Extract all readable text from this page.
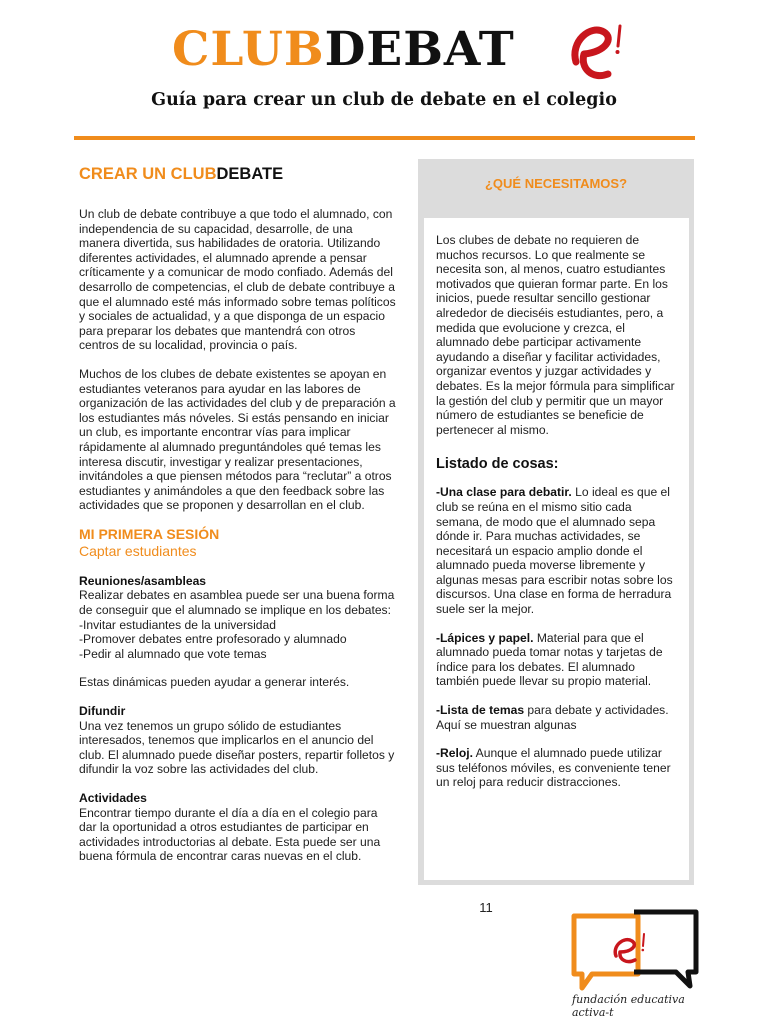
CLUBDEBAT
Guía para crear un club de debate en el colegio

CREAR UN CLUBDEBATE

Un club de debate contribuye a que todo el alumnado, con independencia de su capacidad, desarrolle, de una manera divertida, sus habilidades de oratoria. Utilizando diferentes actividades, el alumnado aprende a pensar críticamente y a comunicar de modo confiado. Además del desarrollo de competencias, el club de debate contribuye a que el alumnado esté más informado sobre temas políticos y sociales de actualidad, y a que disponga de un espacio para preparar los debates que mantendrá con otros centros de su localidad, provincia o país.

Muchos de los clubes de debate existentes se apoyan en estudiantes veteranos para ayudar en las labores de organización de las actividades del club y de preparación a los estudiantes más nóveles. Si estás pensando en iniciar un club, es importante encontrar vías para implicar rápidamente al alumnado preguntándoles qué temas les interesa discutir, investigar y realizar presentaciones, invitándoles a que piensen métodos para “reclutar” a otros estudiantes y animándoles a que den feedback sobre las actividades que se proponen y desarrollan en el club.

MI PRIMERA SESIÓN

Captar estudiantes

Reuniones/asambleas

Realizar debates en asamblea puede ser una buena forma de conseguir que el alumnado se implique en los debates:

-Invitar estudiantes de la universidad

-Promover debates entre profesorado y alumnado

-Pedir al alumnado que vote temas

Estas dinámicas pueden ayudar a generar interés.

Difundir

Una vez tenemos un grupo sólido de estudiantes interesados, tenemos que implicarlos en el anuncio del club. El alumnado puede diseñar posters, repartir folletos y difundir la voz sobre las actividades del club.

Actividades

Encontrar tiempo durante el día a día en el colegio para dar la oportunidad a otros estudiantes de participar en actividades introductorias al debate. Esta puede ser una buena fórmula de encontrar caras nuevas en el club.

¿QUÉ NECESITAMOS?

Los clubes de debate no requieren de muchos recursos. Lo que realmente se necesita son, al menos, cuatro estudiantes motivados que quieran formar parte. En los inicios, puede resultar sencillo gestionar alrededor de dieciséis estudiantes, pero, a medida que evolucione y crezca, el alumnado debe participar activamente ayudando a diseñar y facilitar actividades, organizar eventos y juzgar actividades y debates. Es la mejor fórmula para simplificar la gestión del club y permitir que un mayor número de estudiantes se beneficie de pertenecer al mismo.

Listado de cosas:

-Una clase para debatir. Lo ideal es que el club se reúna en el mismo sitio cada semana, de modo que el alumnado sepa dónde ir. Para muchas actividades, se necesitará un espacio amplio donde el alumnado pueda moverse libremente y algunas mesas para escribir notas sobre los discursos. Una clase en forma de herradura suele ser la mejor.

-Lápices y papel. Material para que el alumnado pueda tomar notas y tarjetas de índice para los debates. El alumnado también puede llevar su propio material.

-Lista de temas para debate y actividades. Aquí se muestran algunas

-Reloj. Aunque el alumnado puede utilizar sus teléfonos móviles, es conveniente tener un reloj para reducir distracciones.

11
fundación educativa
activa-t
